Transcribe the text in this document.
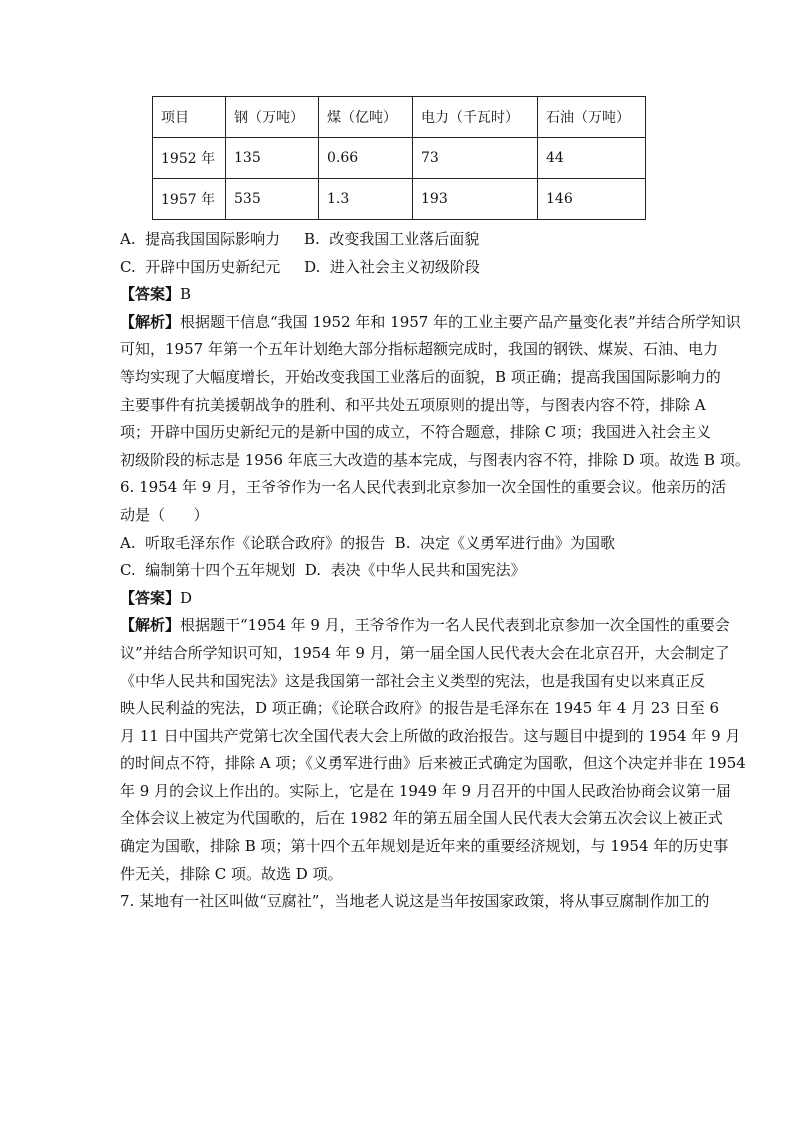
项目	钢（万吨）	煤（亿吨）	电力（千瓦时）	石油（万吨）
1952 年	135	0.66	73	44
1957 年	535	1.3	193	146
A.  提高我国国际影响力     B.  改变我国工业落后面貌
C.  开辟中国历史新纪元     D.  进入社会主义初级阶段
【答案】B
【解析】根据题干信息“我国 1952 年和 1957 年的工业主要产品产量变化表”并结合所学知识
可知，1957 年第一个五年计划绝大部分指标超额完成时，我国的钢铁、煤炭、石油、电力
等均实现了大幅度增长，开始改变我国工业落后的面貌，B 项正确；提高我国国际影响力的
主要事件有抗美援朝战争的胜利、和平共处五项原则的提出等，与图表内容不符，排除 A
项；开辟中国历史新纪元的是新中国的成立，不符合题意，排除 C 项；我国进入社会主义
初级阶段的标志是 1956 年底三大改造的基本完成，与图表内容不符，排除 D 项。故选 B 项。
6. 1954 年 9 月，王爷爷作为一名人民代表到北京参加一次全国性的重要会议。他亲历的活
动是（      ）
A.  听取毛泽东作《论联合政府》的报告  B.  决定《义勇军进行曲》为国歌
C.  编制第十四个五年规划  D.  表决《中华人民共和国宪法》
【答案】D
【解析】根据题干“1954 年 9 月，王爷爷作为一名人民代表到北京参加一次全国性的重要会
议”并结合所学知识可知，1954 年 9 月，第一届全国人民代表大会在北京召开，大会制定了
《中华人民共和国宪法》这是我国第一部社会主义类型的宪法，也是我国有史以来真正反
映人民利益的宪法，D 项正确；《论联合政府》的报告是毛泽东在 1945 年 4 月 23 日至 6
月 11 日中国共产党第七次全国代表大会上所做的政治报告。这与题目中提到的 1954 年 9 月
的时间点不符，排除 A 项；《义勇军进行曲》后来被正式确定为国歌，但这个决定并非在 1954
年 9 月的会议上作出的。实际上，它是在 1949 年 9 月召开的中国人民政治协商会议第一届
全体会议上被定为代国歌的，后在 1982 年的第五届全国人民代表大会第五次会议上被正式
确定为国歌，排除 B 项；第十四个五年规划是近年来的重要经济规划，与 1954 年的历史事
件无关，排除 C 项。故选 D 项。
7. 某地有一社区叫做“豆腐社”，当地老人说这是当年按国家政策，将从事豆腐制作加工的
